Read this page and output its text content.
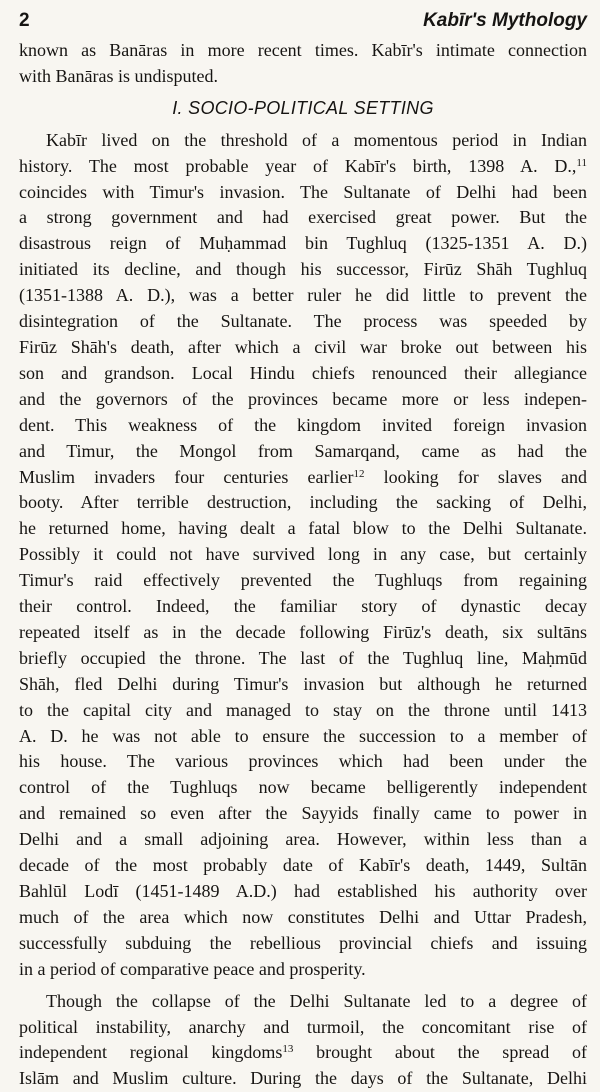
2	Kabīr's Mythology
known as Banāras in more recent times. Kabīr's intimate connection
with Banāras is undisputed.
I. SOCIO-POLITICAL SETTING
Kabīr lived on the threshold of a momentous period in Indian
history. The most probable year of Kabīr's birth, 1398 A. D.,$^{11}$
coincides with Timur's invasion. The Sultanate of Delhi had been
a strong government and had exercised great power. But the
disastrous reign of Muḥammad bin Tughluq (1325-1351 A. D.)
initiated its decline, and though his successor, Firūz Shāh Tughluq
(1351-1388 A. D.), was a better ruler he did little to prevent the
disintegration of the Sultanate. The process was speeded by
Firūz Shāh's death, after which a civil war broke out between his
son and grandson. Local Hindu chiefs renounced their allegiance
and the governors of the provinces became more or less indepen-
dent. This weakness of the kingdom invited foreign invasion
and Timur, the Mongol from Samarqand, came as had the
Muslim invaders four centuries earlier$^{12}$ looking for slaves and
booty. After terrible destruction, including the sacking of Delhi,
he returned home, having dealt a fatal blow to the Delhi Sultanate.
Possibly it could not have survived long in any case, but certainly
Timur's raid effectively prevented the Tughluqs from regaining
their control. Indeed, the familiar story of dynastic decay
repeated itself as in the decade following Firūz's death, six sultāns
briefly occupied the throne. The last of the Tughluq line, Maḥmūd
Shāh, fled Delhi during Timur's invasion but although he returned
to the capital city and managed to stay on the throne until 1413
A. D. he was not able to ensure the succession to a member of
his house. The various provinces which had been under the
control of the Tughluqs now became belligerently independent
and remained so even after the Sayyids finally came to power in
Delhi and a small adjoining area. However, within less than a
decade of the most probably date of Kabīr's death, 1449, Sultān
Bahlūl Lodī (1451-1489 A.D.) had established his authority over
much of the area which now constitutes Delhi and Uttar Pradesh,
successfully subduing the rebellious provincial chiefs and issuing
in a period of comparative peace and prosperity.
Though the collapse of the Delhi Sultanate led to a degree of
political instability, anarchy and turmoil, the concomitant rise of
independent regional kingdoms$^{13}$ brought about the spread of
Islām and Muslim culture. During the days of the Sultanate, Delhi
